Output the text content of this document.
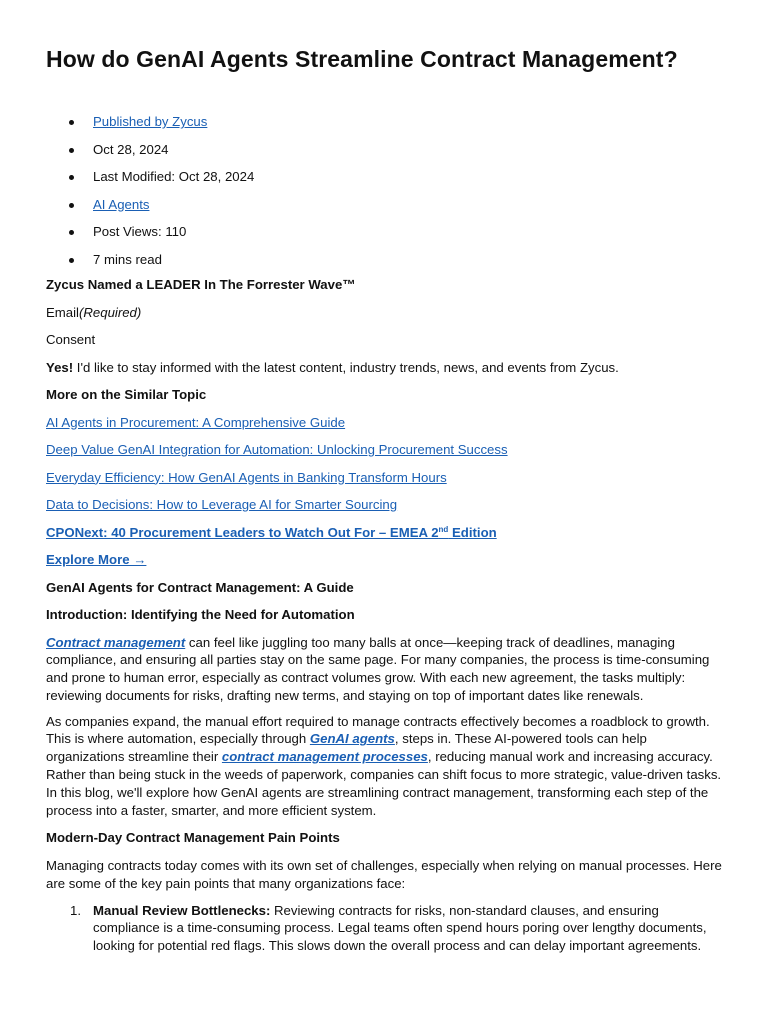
How do GenAI Agents Streamline Contract Management?
Published by Zycus
Oct 28, 2024
Last Modified: Oct 28, 2024
AI Agents
Post Views: 110
7 mins read

Zycus Named a LEADER In The Forrester Wave™

Email(Required)

Consent

Yes! I'd like to stay informed with the latest content, industry trends, news, and events from Zycus.

More on the Similar Topic

AI Agents in Procurement: A Comprehensive Guide

Deep Value GenAI Integration for Automation: Unlocking Procurement Success

Everyday Efficiency: How GenAI Agents in Banking Transform Hours

Data to Decisions: How to Leverage AI for Smarter Sourcing

CPONext: 40 Procurement Leaders to Watch Out For – EMEA 2nd Edition

Explore More →

GenAI Agents for Contract Management: A Guide

Introduction: Identifying the Need for Automation

Contract management can feel like juggling too many balls at once—keeping track of deadlines, managing compliance, and ensuring all parties stay on the same page. For many companies, the process is time-consuming and prone to human error, especially as contract volumes grow. With each new agreement, the tasks multiply: reviewing documents for risks, drafting new terms, and staying on top of important dates like renewals.

As companies expand, the manual effort required to manage contracts effectively becomes a roadblock to growth. This is where automation, especially through GenAI agents, steps in. These AI-powered tools can help organizations streamline their contract management processes, reducing manual work and increasing accuracy. Rather than being stuck in the weeds of paperwork, companies can shift focus to more strategic, value-driven tasks. In this blog, we'll explore how GenAI agents are streamlining contract management, transforming each step of the process into a faster, smarter, and more efficient system.

Modern-Day Contract Management Pain Points

Managing contracts today comes with its own set of challenges, especially when relying on manual processes. Here are some of the key pain points that many organizations face:

1. Manual Review Bottlenecks: Reviewing contracts for risks, non-standard clauses, and ensuring compliance is a time-consuming process. Legal teams often spend hours poring over lengthy documents, looking for potential red flags. This slows down the overall process and can delay important agreements.
